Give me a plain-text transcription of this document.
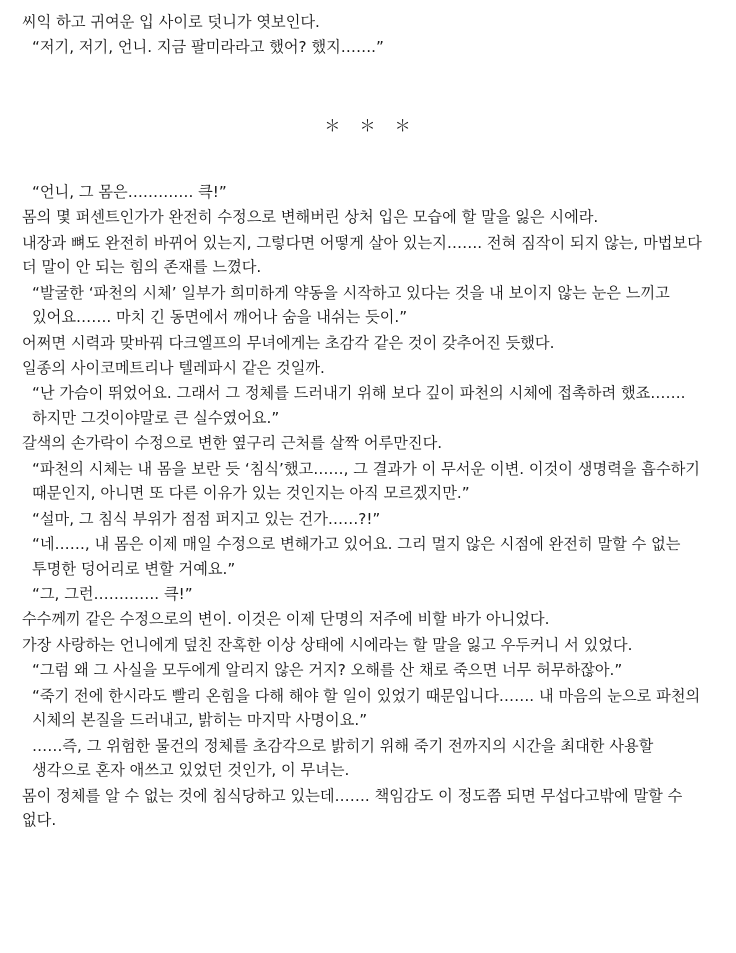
씨익 하고 귀여운 입 사이로 덧니가 엿보인다.

“저기, 저기, 언니. 지금 팔미라라고 했어? 했지…….”

＊ ＊ ＊

“언니, 그 몸은…………. 큭!”

몸의 몇 퍼센트인가가 완전히 수정으로 변해버린 상처 입은 모습에 할 말을 잃은 시에라.

내장과 뼈도 완전히 바뀌어 있는지, 그렇다면 어떻게 살아 있는지……. 전혀 짐작이 되지 않는, 마법보다 더 말이 안 되는 힘의 존재를 느꼈다.

“발굴한 ‘파천의 시체’ 일부가 희미하게 약동을 시작하고 있다는 것을 내 보이지 않는 눈은 느끼고 있어요……. 마치 긴 동면에서 깨어나 숨을 내쉬는 듯이.”

어쩌면 시력과 맞바꿔 다크엘프의 무녀에게는 초감각 같은 것이 갖추어진 듯했다.

일종의 사이코메트리나 텔레파시 같은 것일까.

“난 가슴이 뛰었어요. 그래서 그 정체를 드러내기 위해 보다 깊이 파천의 시체에 접촉하려 했죠……. 하지만 그것이야말로 큰 실수였어요.”

갈색의 손가락이 수정으로 변한 옆구리 근처를 살짝 어루만진다.

“파천의 시체는 내 몸을 보란 듯 ‘침식’했고……, 그 결과가 이 무서운 이변. 이것이 생명력을 흡수하기 때문인지, 아니면 또 다른 이유가 있는 것인지는 아직 모르겠지만.”

“설마, 그 침식 부위가 점점 퍼지고 있는 건가……?!”

“네……, 내 몸은 이제 매일 수정으로 변해가고 있어요. 그리 멀지 않은 시점에 완전히 말할 수 없는 투명한 덩어리로 변할 거예요.”

“그, 그런…………. 큭!”

수수께끼 같은 수정으로의 변이. 이것은 이제 단명의 저주에 비할 바가 아니었다.

가장 사랑하는 언니에게 덮친 잔혹한 이상 상태에 시에라는 할 말을 잃고 우두커니 서 있었다.

“그럼 왜 그 사실을 모두에게 알리지 않은 거지? 오해를 산 채로 죽으면 너무 허무하잖아.”

“죽기 전에 한시라도 빨리 온힘을 다해 해야 할 일이 있었기 때문입니다……. 내 마음의 눈으로 파천의 시체의 본질을 드러내고, 밝히는 마지막 사명이요.”

……즉, 그 위험한 물건의 정체를 초감각으로 밝히기 위해 죽기 전까지의 시간을 최대한 사용할 생각으로 혼자 애쓰고 있었던 것인가, 이 무녀는.

몸이 정체를 알 수 없는 것에 침식당하고 있는데……. 책임감도 이 정도쯤 되면 무섭다고밖에 말할 수 없다.
